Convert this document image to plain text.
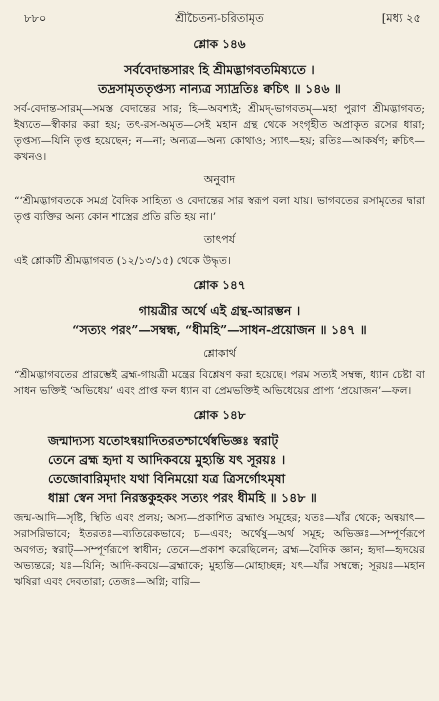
৮৮০	শ্রীচৈতন্য-চরিতামৃত	[মধ্য ২৫
শ্লোক ১৪৬

সর্ববেদান্তসারং হি শ্রীমদ্ভাগবতমিষ্যতে ।

তদ্রসামৃততৃপ্তস্য নান্যত্র স্যাদ্রতিঃ ক্বচিৎ ॥ ১৪৬ ॥

সর্ব-বেদান্ত-সারম্—সমস্ত বেদান্তের সার; হি—অবশ্যই; শ্রীমদ্-ভাগবতম্—মহা পুরাণ শ্রীমদ্ভাগবত; ইষ্যতে—স্বীকার করা হয়; তৎ-রস-অমৃত—সেই মহান গ্রন্থ থেকে সংগৃহীত অপ্রাকৃত রসের ধারা; তৃপ্তস্য—যিনি তৃপ্ত হয়েছেন; ন—না; অন্যত্র—অন্য কোথাও; স্যাৎ—হয়; রতিঃ—আকর্ষণ; ক্বচিৎ—কখনও।

অনুবাদ

“‘শ্রীমদ্ভাগবতকে সমগ্র বৈদিক সাহিত্য ও বেদান্তের সার স্বরূপ বলা যায়। ভাগবতের রসামৃতের দ্বারা তৃপ্ত ব্যক্তির অন্য কোন শাস্ত্রের প্রতি রতি হয় না।’

তাৎপর্য

এই শ্লোকটি শ্রীমদ্ভাগবত (১২/১৩/১৫) থেকে উদ্ধৃত।

শ্লোক ১৪৭

গায়ত্রীর অর্থে এই গ্রন্থ-আরম্ভন ।

“সত্যং পরং”—সম্বন্ধ, “ধীমহি”—সাধন-প্রয়োজন ॥ ১৪৭ ॥

শ্লোকার্থ

“শ্রীমদ্ভাগবতের প্রারম্ভেই ব্রহ্ম-গায়ত্রী মন্ত্রের বিশ্লেষণ করা হয়েছে। পরম সত্যই সম্বন্ধ, ধ্যান চেষ্টা বা সাধন ভক্তিই ‘অভিধেয়’ এবং প্রাপ্ত ফল ধ্যান বা প্রেমভক্তিই অভিধেয়ের প্রাপ্য ‘প্রয়োজন’—ফল।

শ্লোক ১৪৮

জন্মাদ্যস্য যতোঽন্বয়াদিতরতশ্চার্থেষ্বভিজ্ঞঃ স্বরাট্

তেনে ব্রহ্ম হৃদা য আদিকবয়ে মুহ্যন্তি যৎ সূরয়ঃ ।

তেজোবারিমৃদাং যথা বিনিময়ো যত্র ত্রিসর্গোঽমৃষা

ধাম্না স্বেন সদা নিরস্তকুহকং সত্যং পরং ধীমহি ॥ ১৪৮ ॥

জন্ম-আদি—সৃষ্টি, স্থিতি এবং প্রলয়; অস্য—প্রকাশিত ব্রহ্মাণ্ড সমূহের; যতঃ—যাঁর থেকে; অন্বয়াৎ—সরাসরিভাবে; ইতরতঃ—ব্যতিরেকভাবে; চ—এবং; অর্থেষু—অর্থ সমূহ; অভিজ্ঞঃ—সম্পূর্ণরূপে অবগত; স্বরাট্—সম্পূর্ণরূপে স্বাধীন; তেনে—প্রকাশ করেছিলেন; ব্রহ্ম—বৈদিক জ্ঞান; হৃদা—হৃদয়ের অভ্যন্তরে; যঃ—যিনি; আদি-কবয়ে—ব্রহ্মাকে; মুহ্যন্তি—মোহাচ্ছন্ন; যৎ—যাঁর সম্বন্ধে; সূরয়ঃ—মহান ঋষিরা এবং দেবতারা; তেজঃ—অগ্নি; বারি—
